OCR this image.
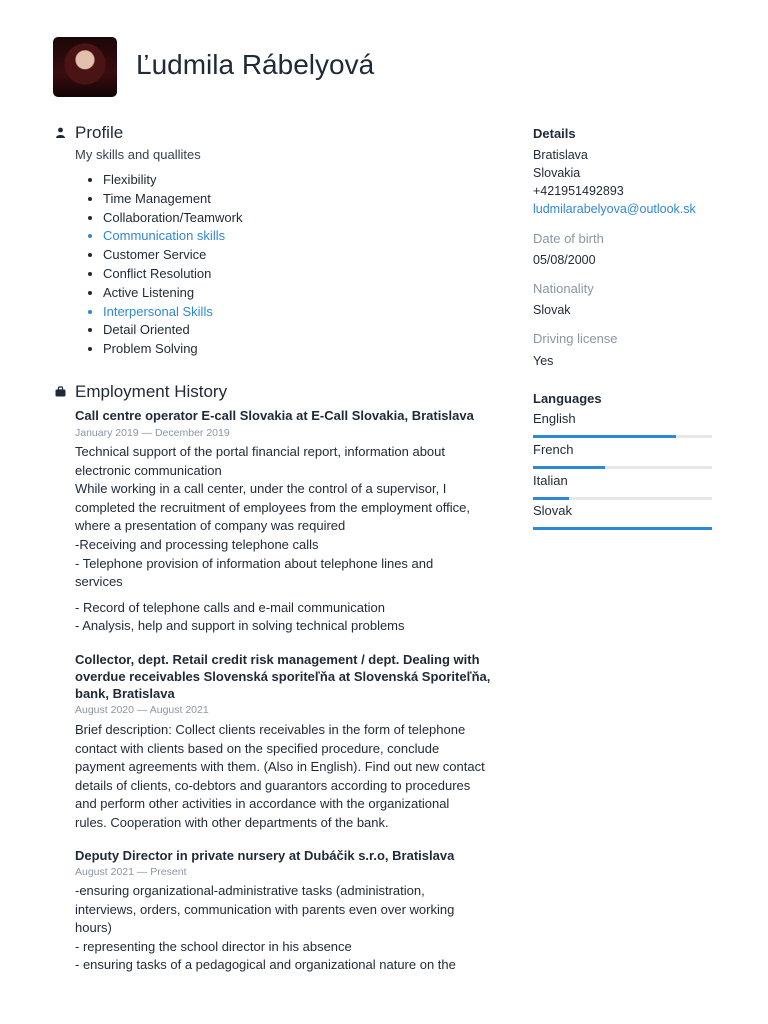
Ľudmila Rábelyová
Profile
My skills and quallites
• Flexibility
• Time Management
• Collaboration/Teamwork
• Communication skills
• Customer Service
• Conflict Resolution
• Active Listening
• Interpersonal Skills
• Detail Oriented
• Problem Solving
Employment History
Call centre operator E-call Slovakia at E-Call Slovakia, Bratislava
January 2019 — December 2019
Technical support of the portal financial report, information about
electronic communication
While working in a call center, under the control of a supervisor, I
completed the recruitment of employees from the employment office,
where a presentation of company was required
-Receiving and processing telephone calls
- Telephone provision of information about telephone lines and
services
- Record of telephone calls and e-mail communication
- Analysis, help and support in solving technical problems
Collector, dept. Retail credit risk management / dept. Dealing with overdue receivables Slovenská sporiteľňa at Slovenská Sporiteľňa, bank, Bratislava
August 2020 — August 2021
Brief description: Collect clients receivables in the form of telephone
contact with clients based on the specified procedure, conclude
payment agreements with them. (Also in English). Find out new contact
details of clients, co-debtors and guarantors according to procedures
and perform other activities in accordance with the organizational
rules. Cooperation with other departments of the bank.
Deputy Director in private nursery at Dubáčik s.r.o, Bratislava
August 2021 — Present
-ensuring organizational-administrative tasks (administration,
interviews, orders, communication with parents even over working
hours)
- representing the school director in his absence
- ensuring tasks of a pedagogical and organizational nature on the
Details
Bratislava
Slovakia
+421951492893
ludmilarabelyova@outlook.sk
Date of birth
05/08/2000
Nationality
Slovak
Driving license
Yes
Languages
English
French
Italian
Slovak
